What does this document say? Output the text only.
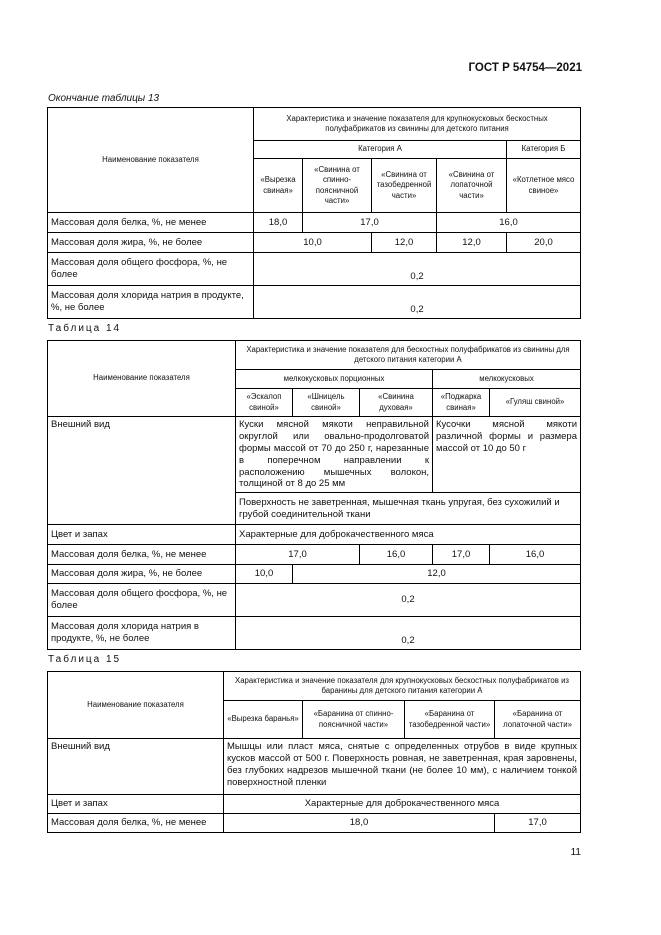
ГОСТ Р 54754—2021
Окончание таблицы 13
Наименование показателя	Характеристика и значение показателя для крупнокусковых бескостных полуфабрикатов из свинины для детского питания				
	Категория А				Категория Б
	«Вырезка свиная»	«Свинина от спинно-поясничной части»	«Свинина от тазобедренной части»	«Свинина от лопаточной части»	«Котлетное мясо свиное»
Массовая доля белка, %, не менее	18,0	17,0		16,0	
Массовая доля жира, %, не более	10,0		12,0	12,0	20,0
Массовая доля общего фосфора, %, не более	0,2				
Массовая доля хлорида натрия в продукте, %, не более	0,2				
Таблица 14
Наименование показателя	Характеристика и значение показателя для бескостных полуфабрикатов из свинины для детского питания категории А				
	мелкокусковых порционных			мелкокусковых	
	«Эскалоп свиной»	«Шницель свиной»	«Свинина духовая»	«Поджарка свиная»	«Гуляш свиной»
Внешний вид	Куски мясной мякоти неправильной округлой или овально-продолговатой формы массой от 70 до 250 г, нарезанные в поперечном направлении к расположению мышечных волокон, толщиной от 8 до 25 мм			Кусочки мясной мякоти различной формы и размера массой от 10 до 50 г	
	Поверхность не заветренная, мышечная ткань упругая, без сухожилий и грубой соединительной ткани				
Цвет и запах	Характерные для доброкачественного мяса				
Массовая доля белка, %, не менее	17,0		16,0	17,0	16,0
Массовая доля жира, %, не более	10,0	12,0			
Массовая доля общего фосфора, %, не более	0,2				
Массовая доля хлорида натрия в продукте, %, не более	0,2				
Таблица 15
Наименование показателя	Характеристика и значение показателя для крупнокусковых бескостных полуфабрикатов из баранины для детского питания категории А			
	«Вырезка баранья»	«Баранина от спинно-поясничной части»	«Баранина от тазобедренной части»	«Баранина от лопаточной части»
Внешний вид	Мышцы или пласт мяса, снятые с определенных отрубов в виде крупных кусков массой от 500 г. Поверхность ровная, не заветренная, края заровнены, без глубоких надрезов мышечной ткани (не более 10 мм), с наличием тонкой поверхностной пленки			
Цвет и запах	Характерные для доброкачественного мяса			
Массовая доля белка, %, не менее	18,0			17,0
11
